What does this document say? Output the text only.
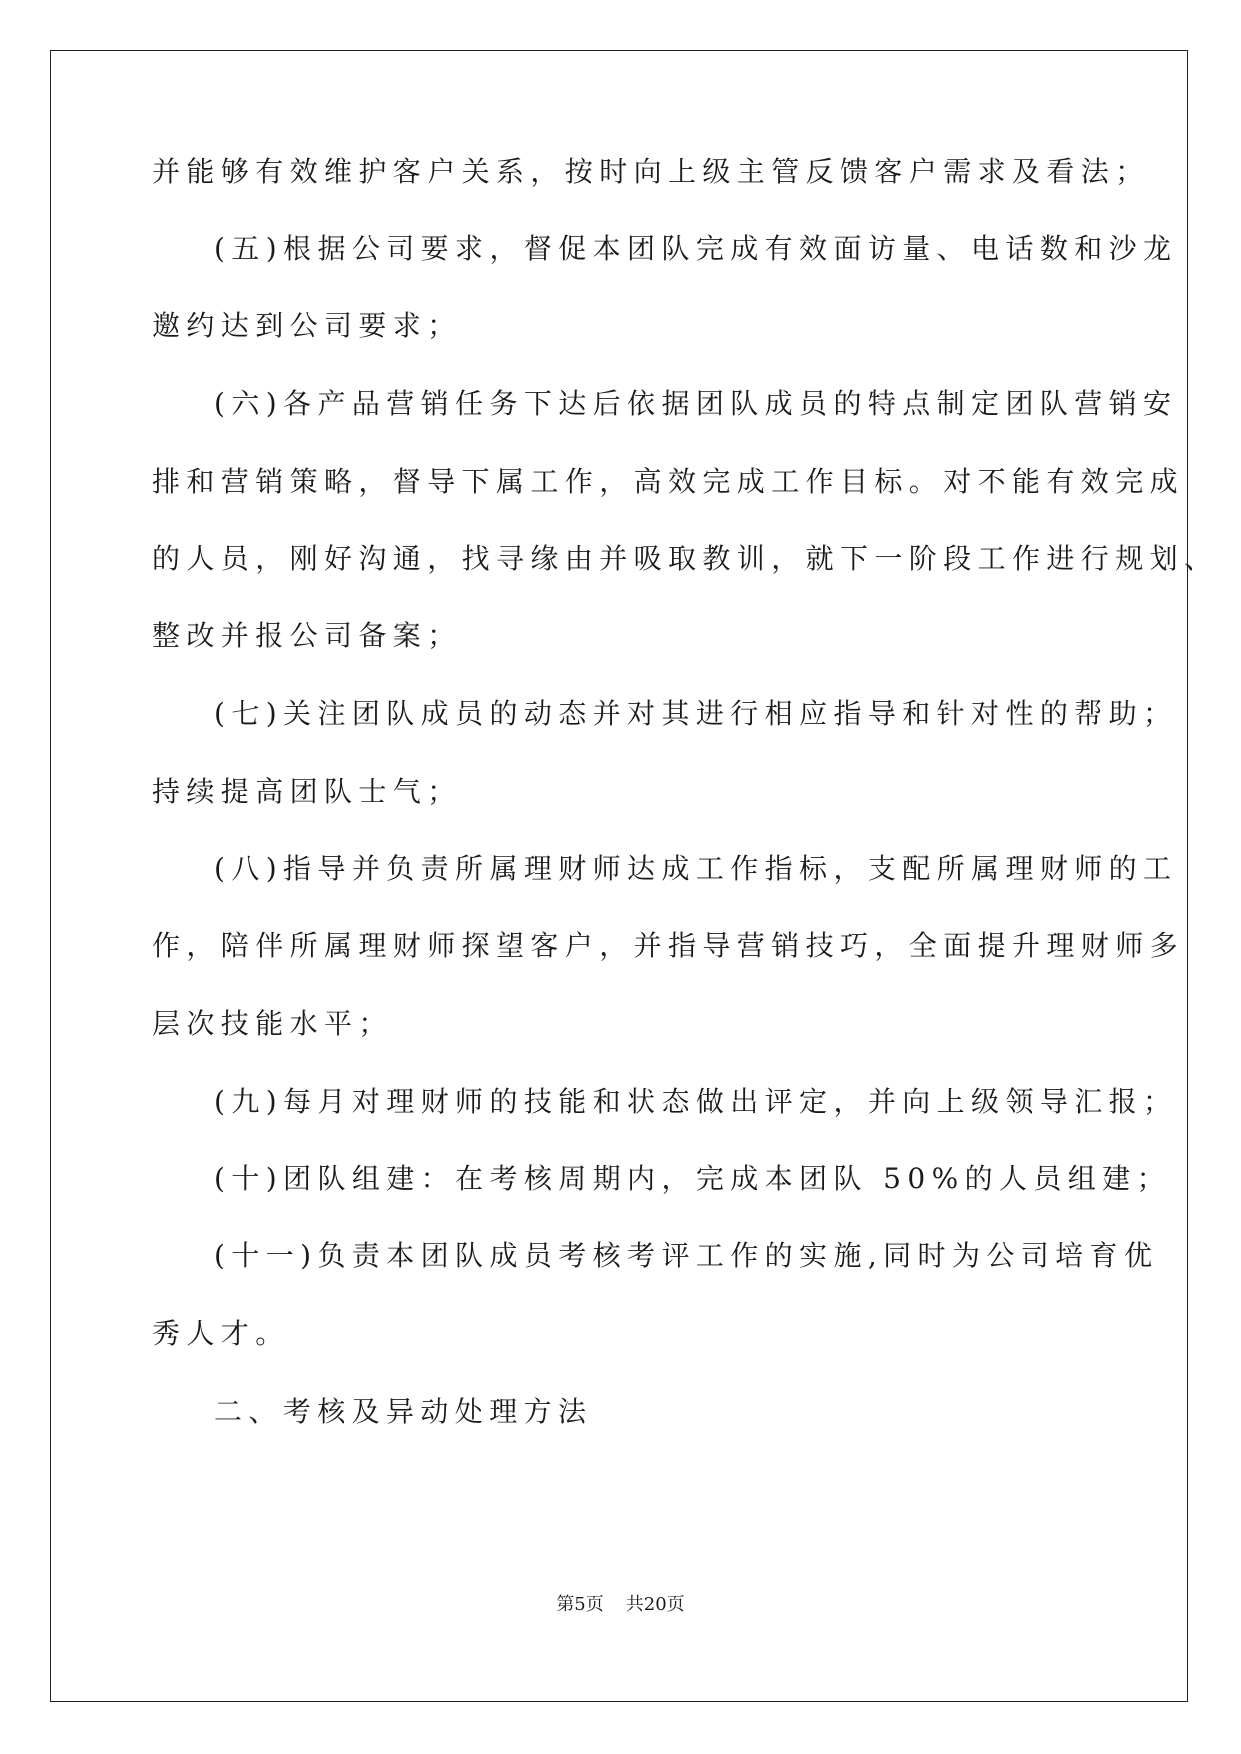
并能够有效维护客户关系，按时向上级主管反馈客户需求及看法；
(五)根据公司要求，督促本团队完成有效面访量、电话数和沙龙
邀约达到公司要求；
(六)各产品营销任务下达后依据团队成员的特点制定团队营销安
排和营销策略，督导下属工作，高效完成工作目标。对不能有效完成
的人员，刚好沟通，找寻缘由并吸取教训，就下一阶段工作进行规划、
整改并报公司备案；
(七)关注团队成员的动态并对其进行相应指导和针对性的帮助；
持续提高团队士气；
(八)指导并负责所属理财师达成工作指标，支配所属理财师的工
作，陪伴所属理财师探望客户，并指导营销技巧，全面提升理财师多
层次技能水平；
(九)每月对理财师的技能和状态做出评定，并向上级领导汇报；
(十)团队组建：在考核周期内，完成本团队 50%的人员组建；
(十一)负责本团队成员考核考评工作的实施,同时为公司培育优
秀人才。
二、考核及异动处理方法
第5页 共20页
